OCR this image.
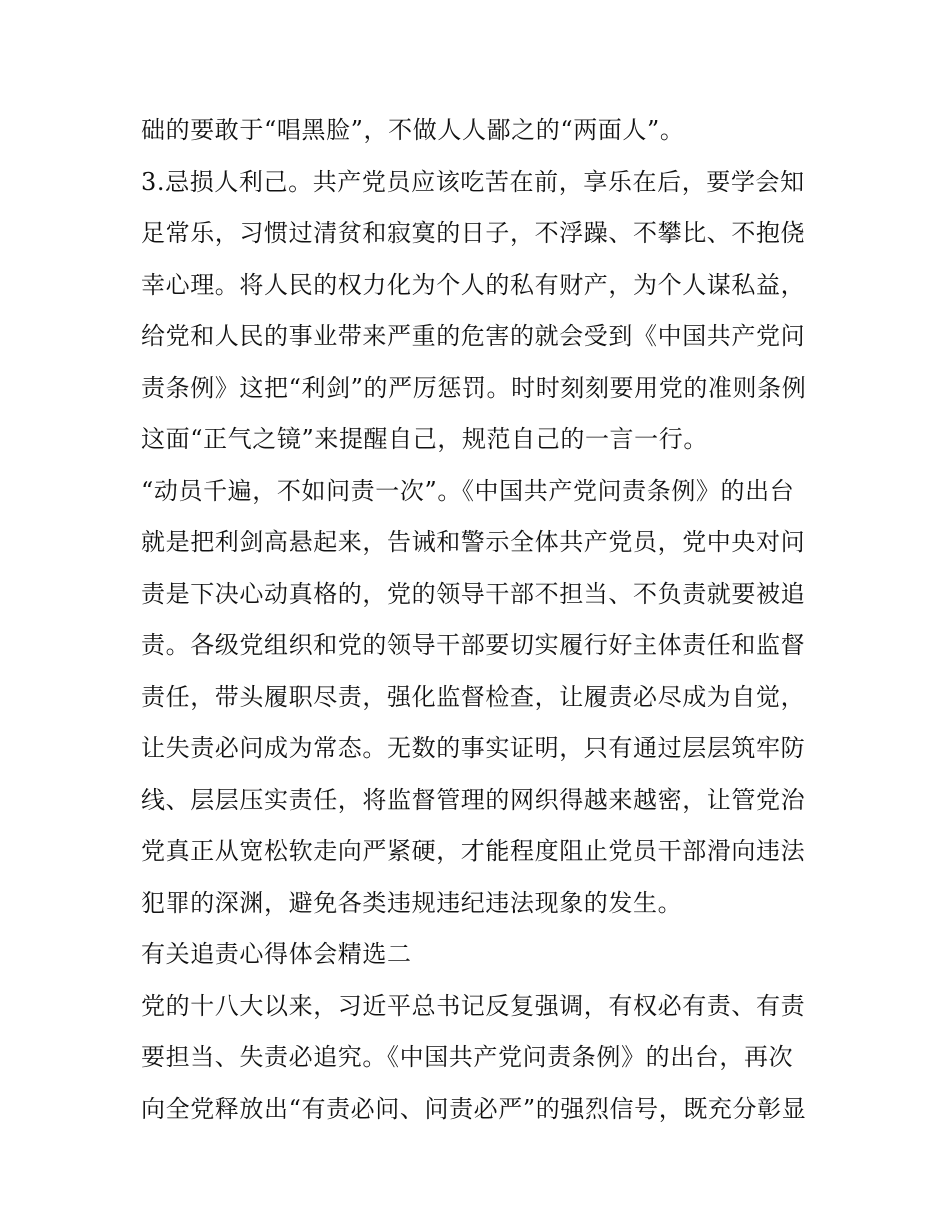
础的要敢于“唱黑脸”，不做人人鄙之的“两面人”。
3.忌损人利己。共产党员应该吃苦在前，享乐在后，要学会知
足常乐，习惯过清贫和寂寞的日子，不浮躁、不攀比、不抱侥
幸心理。将人民的权力化为个人的私有财产，为个人谋私益，
给党和人民的事业带来严重的危害的就会受到《中国共产党问
责条例》这把“利剑”的严厉惩罚。时时刻刻要用党的准则条例
这面“正气之镜”来提醒自己，规范自己的一言一行。
“动员千遍，不如问责一次”。《中国共产党问责条例》的出台
就是把利剑高悬起来，告诫和警示全体共产党员，党中央对问
责是下决心动真格的，党的领导干部不担当、不负责就要被追
责。各级党组织和党的领导干部要切实履行好主体责任和监督
责任，带头履职尽责，强化监督检查，让履责必尽成为自觉，
让失责必问成为常态。无数的事实证明，只有通过层层筑牢防
线、层层压实责任，将监督管理的网织得越来越密，让管党治
党真正从宽松软走向严紧硬，才能程度阻止党员干部滑向违法
犯罪的深渊，避免各类违规违纪违法现象的发生。
有关追责心得体会精选二
党的十八大以来，习近平总书记反复强调，有权必有责、有责
要担当、失责必追究。《中国共产党问责条例》的出台，再次
向全党释放出“有责必问、问责必严”的强烈信号，既充分彰显
